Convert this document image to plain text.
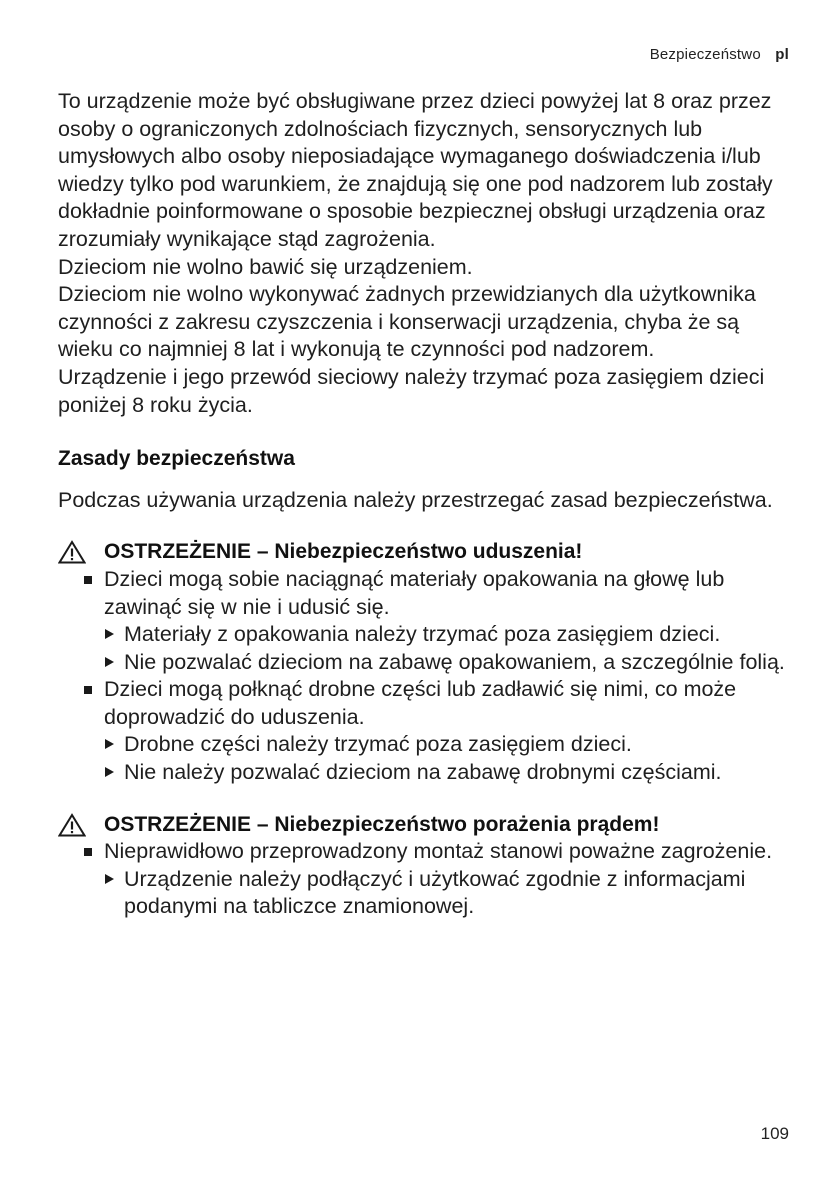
Bezpieczeństwo pl

To urządzenie może być obsługiwane przez dzieci powyżej lat 8 oraz przez osoby o ograniczonych zdolnościach fizycznych, sensorycznych lub umysłowych albo osoby nieposiadające wymaganego doświadczenia i/lub wiedzy tylko pod warunkiem, że znajdują się one pod nadzorem lub zostały dokładnie poinformowane o sposobie bezpiecznej obsługi urządzenia oraz zrozumiały wynikające stąd zagrożenia.

Dzieciom nie wolno bawić się urządzeniem.

Dzieciom nie wolno wykonywać żadnych przewidzianych dla użytkownika czynności z zakresu czyszczenia i konserwacji urządzenia, chyba że są wieku co najmniej 8 lat i wykonują te czynności pod nadzorem.

Urządzenie i jego przewód sieciowy należy trzymać poza zasięgiem dzieci poniżej 8 roku życia.

Zasady bezpieczeństwa

Podczas używania urządzenia należy przestrzegać zasad bezpieczeństwa.

OSTRZEŻENIE – Niebezpieczeństwo uduszenia!
Dzieci mogą sobie naciągnąć materiały opakowania na głowę lub zawinąć się w nie i udusić się.
Materiały z opakowania należy trzymać poza zasięgiem dzieci.
Nie pozwalać dzieciom na zabawę opakowaniem, a szczególnie folią.
Dzieci mogą połknąć drobne części lub zadławić się nimi, co może doprowadzić do uduszenia.
Drobne części należy trzymać poza zasięgiem dzieci.
Nie należy pozwalać dzieciom na zabawę drobnymi częściami.
OSTRZEŻENIE – Niebezpieczeństwo porażenia prądem!
Nieprawidłowo przeprowadzony montaż stanowi poważne zagrożenie.
Urządzenie należy podłączyć i użytkować zgodnie z informacjami podanymi na tabliczce znamionowej.
109
